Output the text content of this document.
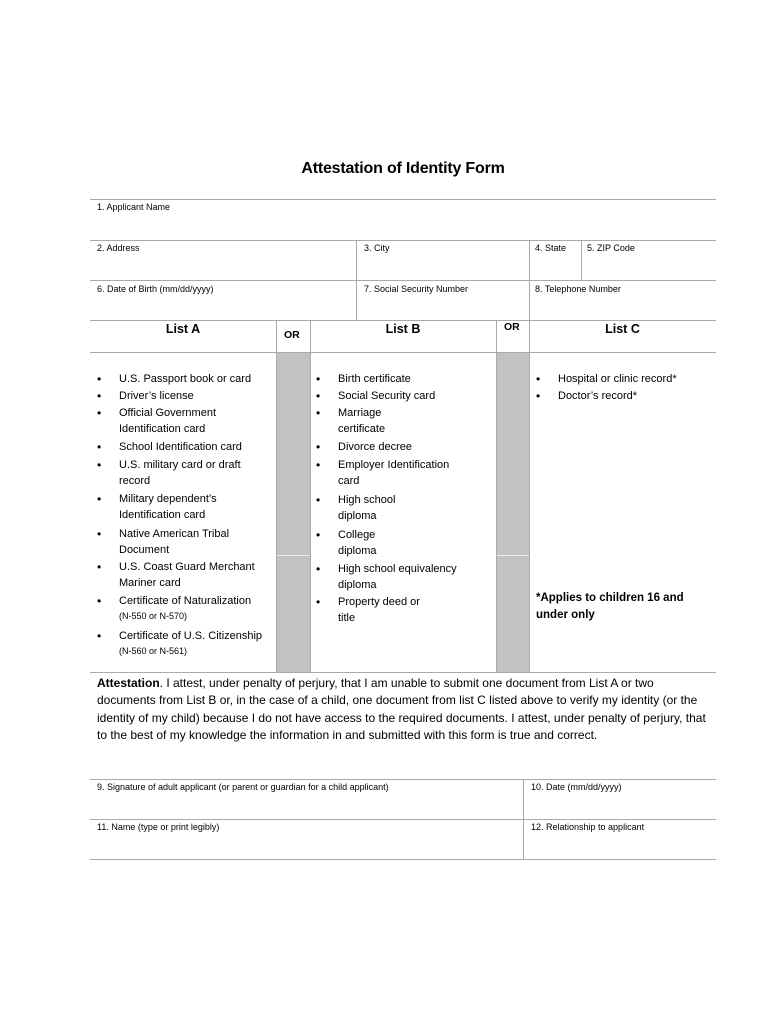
Attestation of Identity Form
1. Applicant Name
2. Address	3. City	4. State 5. ZIP Code
6. Date of Birth (mm/dd/yyyy)	7. Social Security Number	8. Telephone Number
List A	OR	List B	OR	List C
• U.S. Passport book or card
• Driver’s license
• Official Government Identification card
• School Identification card
• U.S. military card or draft record
• Military dependent’s Identification card
• Native American Tribal Document
• U.S. Coast Guard Merchant Mariner card
• Certificate of Naturalization
(N-550 or N-570)
• Certificate of U.S. Citizenship
(N-560 or N-561)
• Birth certificate
• Social Security card
• Marriage certificate
• Divorce decree
• Employer Identification card
• High school diploma
• College diploma
• High school equivalency diploma
• Property deed or title
• Hospital or clinic record*
• Doctor’s record*
*Applies to children 16 and under only
Attestation. I attest, under penalty of perjury, that I am unable to submit one document from List A or two documents from List B or, in the case of a child, one document from list C listed above to verify my identity (or the identity of my child) because I do not have access to the required documents. I attest, under penalty of perjury, that to the best of my knowledge the information in and submitted with this form is true and correct.
9. Signature of adult applicant (or parent or guardian for a child applicant)	10. Date (mm/dd/yyyy)
11. Name (type or print legibly)	12. Relationship to applicant
